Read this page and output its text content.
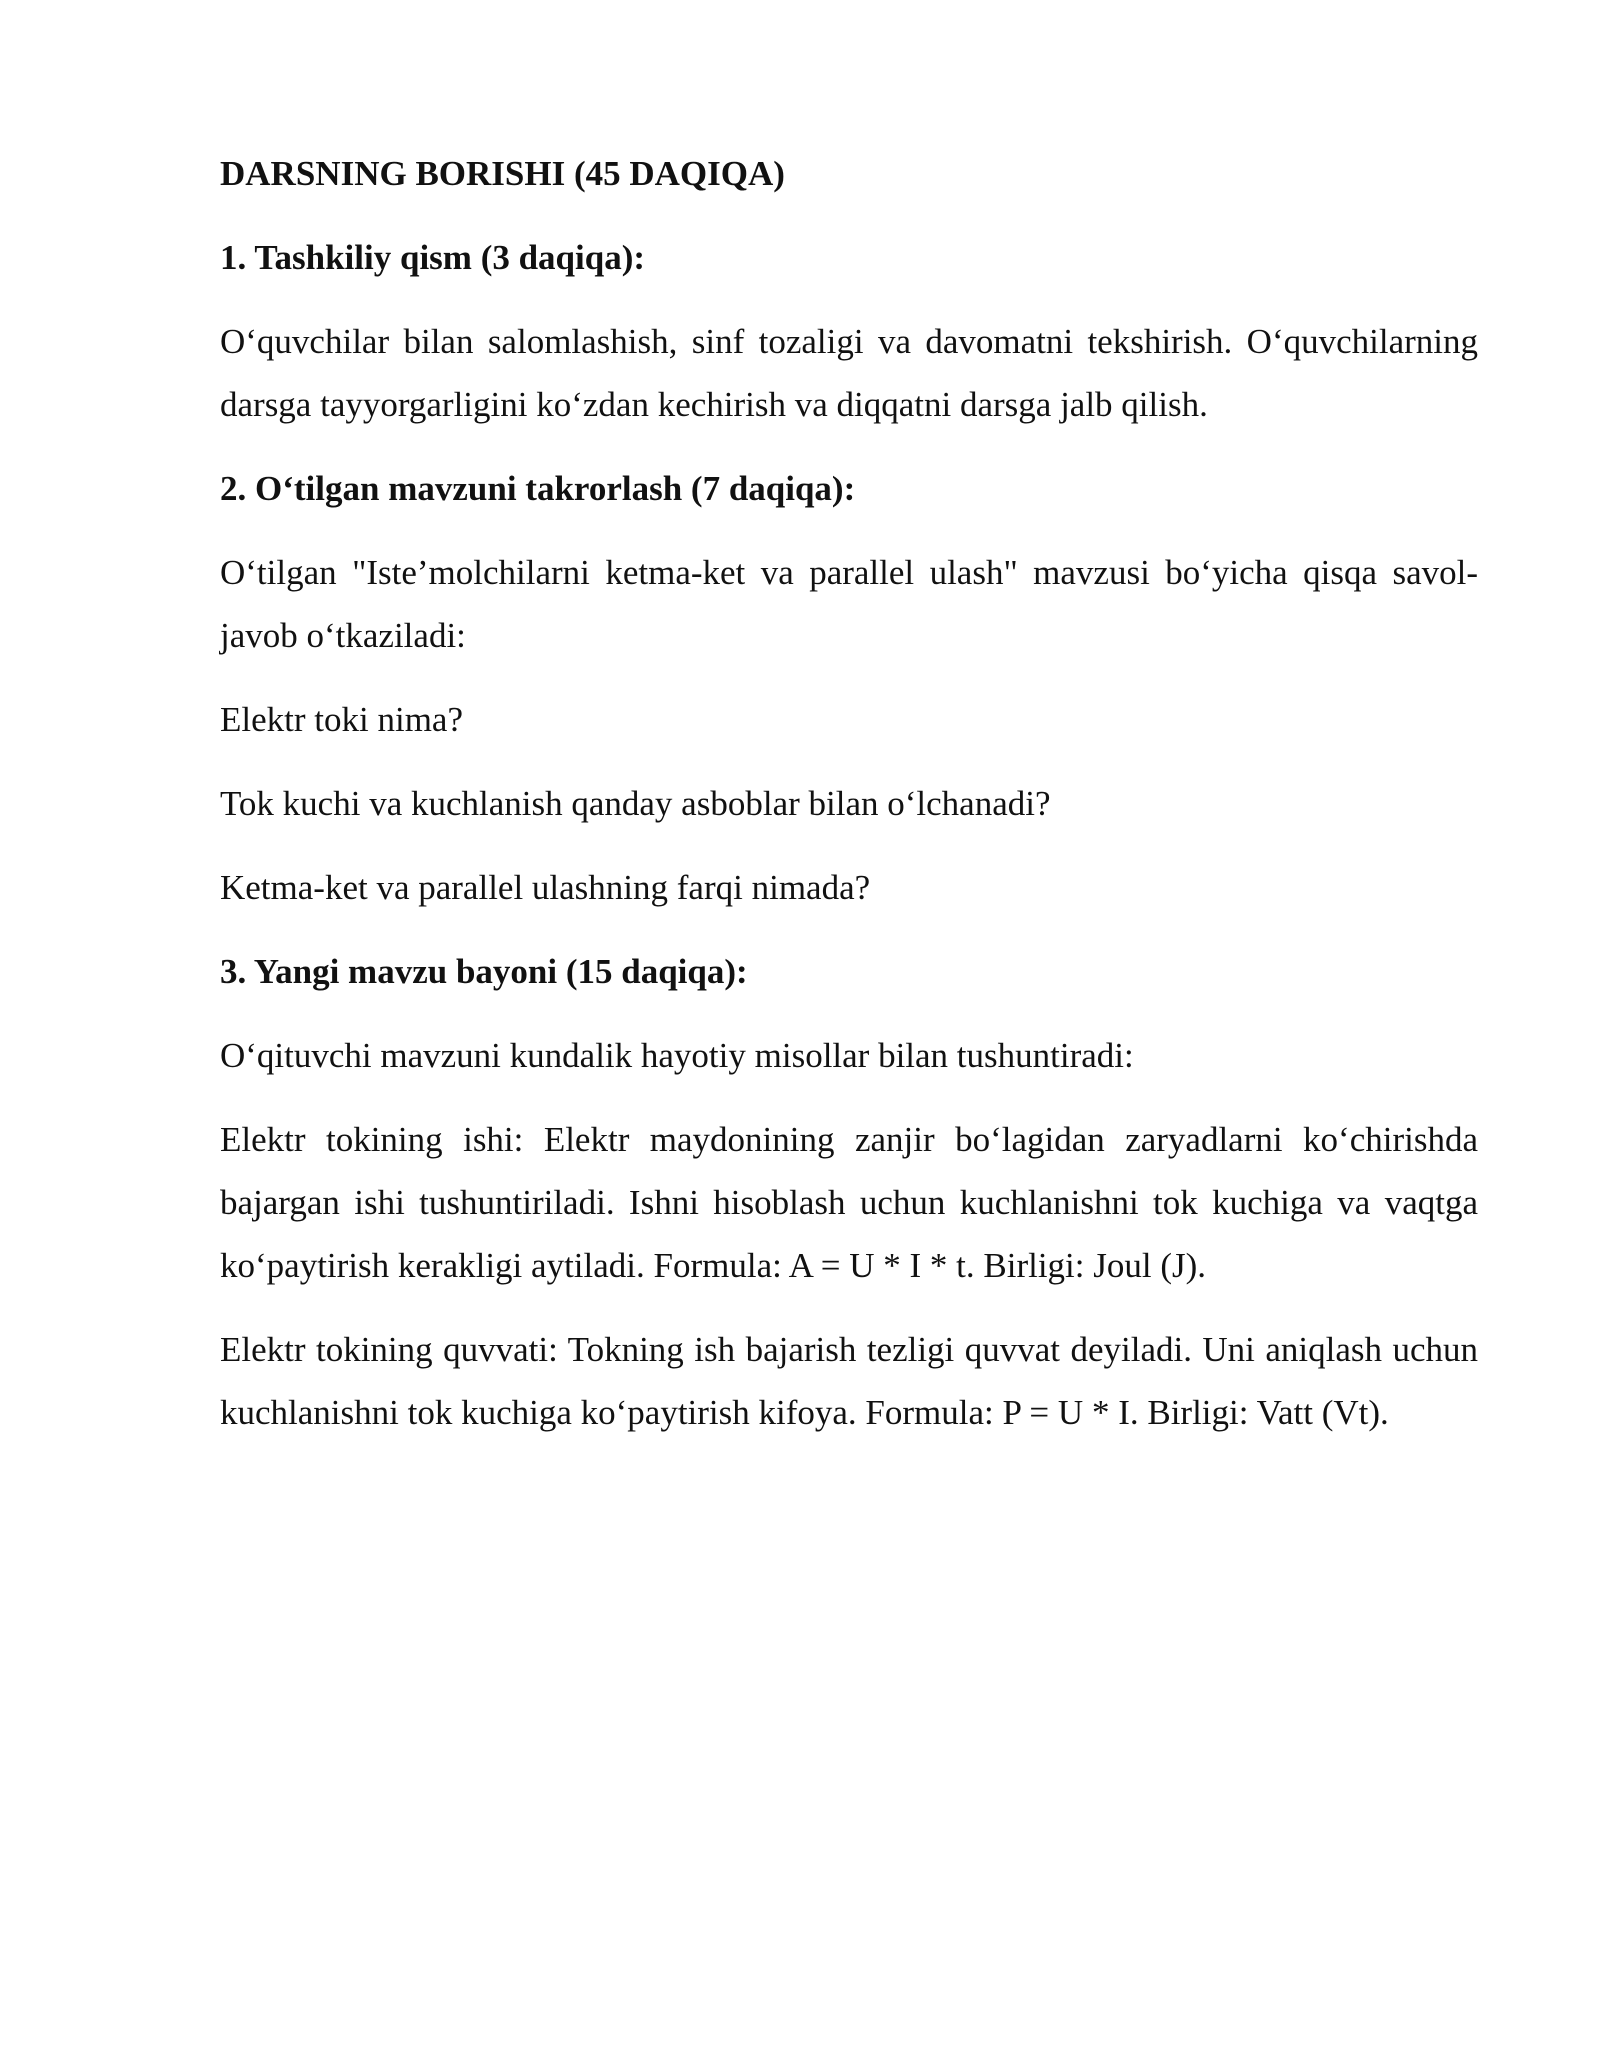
DARSNING BORISHI (45 DAQIQA)
1. Tashkiliy qism (3 daqiqa):
O‘quvchilar bilan salomlashish, sinf tozaligi va davomatni tekshirish. O‘quvchilarning darsga tayyorgarligini ko‘zdan kechirish va diqqatni darsga jalb qilish.
2. O‘tilgan mavzuni takrorlash (7 daqiqa):
O‘tilgan "Iste’molchilarni ketma-ket va parallel ulash" mavzusi bo‘yicha qisqa savol-javob o‘tkaziladi:
Elektr toki nima?
Tok kuchi va kuchlanish qanday asboblar bilan o‘lchanadi?
Ketma-ket va parallel ulashning farqi nimada?
3. Yangi mavzu bayoni (15 daqiqa):
O‘qituvchi mavzuni kundalik hayotiy misollar bilan tushuntiradi:
Elektr tokining ishi: Elektr maydonining zanjir bo‘lagidan zaryadlarni ko‘chirishda bajargan ishi tushuntiriladi. Ishni hisoblash uchun kuchlanishni tok kuchiga va vaqtga ko‘paytirish kerakligi aytiladi. Formula: A = U * I * t. Birligi: Joul (J).
Elektr tokining quvvati: Tokning ish bajarish tezligi quvvat deyiladi. Uni aniqlash uchun kuchlanishni tok kuchiga ko‘paytirish kifoya. Formula: P = U * I. Birligi: Vatt (Vt).
